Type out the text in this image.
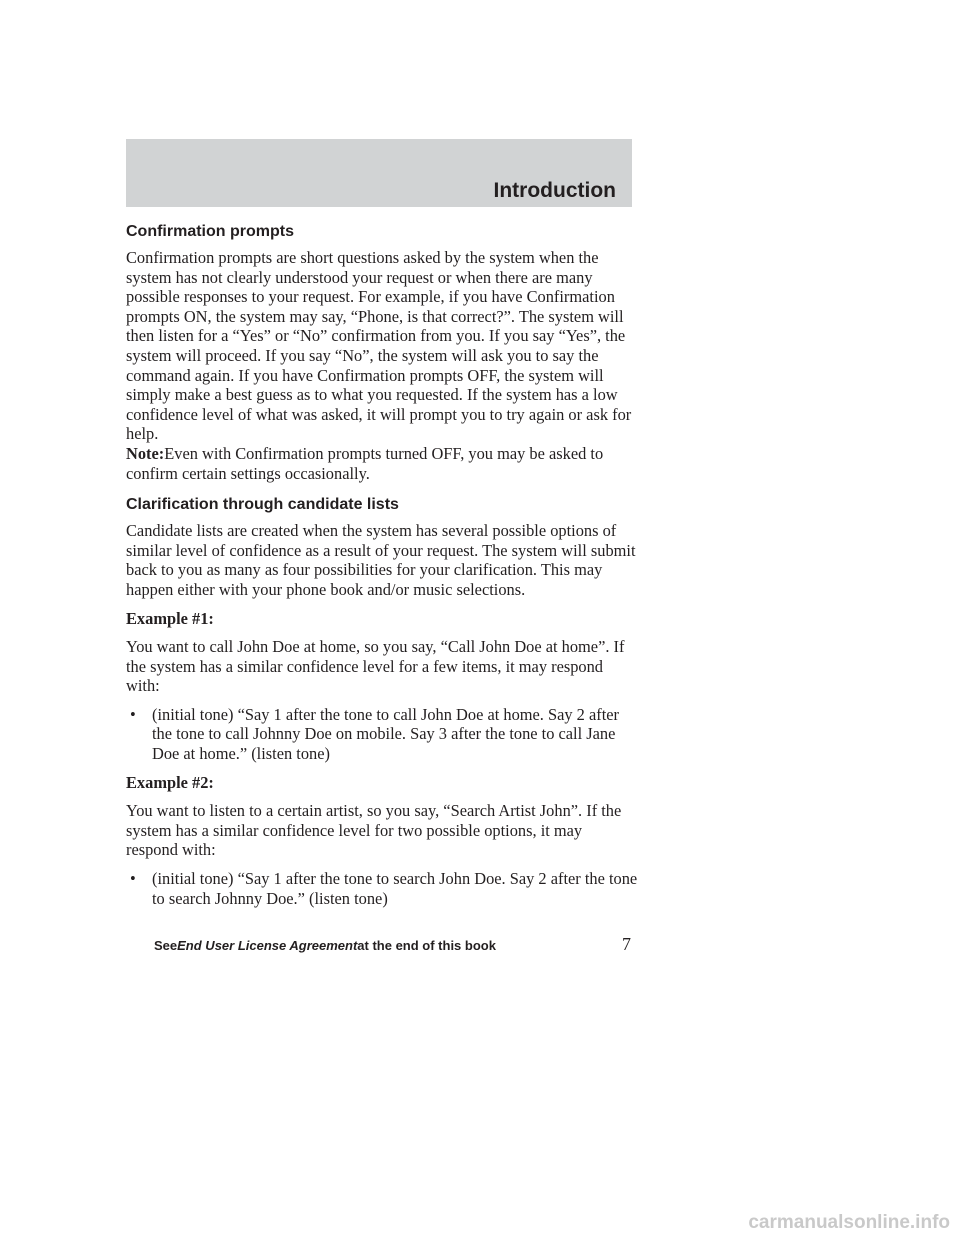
Introduction
Confirmation prompts

Confirmation prompts are short questions asked by the system when the system has not clearly understood your request or when there are many possible responses to your request. For example, if you have Confirmation prompts ON, the system may say, “Phone, is that correct?”. The system will then listen for a “Yes” or “No” confirmation from you. If you say “Yes”, the system will proceed. If you say “No”, the system will ask you to say the command again. If you have Confirmation prompts OFF, the system will simply make a best guess as to what you requested. If the system has a low confidence level of what was asked, it will prompt you to try again or ask for help.

Note:Even with Confirmation prompts turned OFF, you may be asked to confirm certain settings occasionally.

Clarification through candidate lists

Candidate lists are created when the system has several possible options of similar level of confidence as a result of your request. The system will submit back to you as many as four possibilities for your clarification. This may happen either with your phone book and/or music selections.

Example #1:

You want to call John Doe at home, so you say, “Call John Doe at home”. If the system has a similar confidence level for a few items, it may respond with:

• (initial tone) “Say 1 after the tone to call John Doe at home. Say 2 after the tone to call Johnny Doe on mobile. Say 3 after the tone to call Jane Doe at home.” (listen tone)

Example #2:

You want to listen to a certain artist, so you say, “Search Artist John”. If the system has a similar confidence level for two possible options, it may respond with:

• (initial tone) “Say 1 after the tone to search John Doe. Say 2 after the tone to search Johnny Doe.” (listen tone)
SeeEnd User License Agreementat the end of this book	7
carmanualsonline.info
